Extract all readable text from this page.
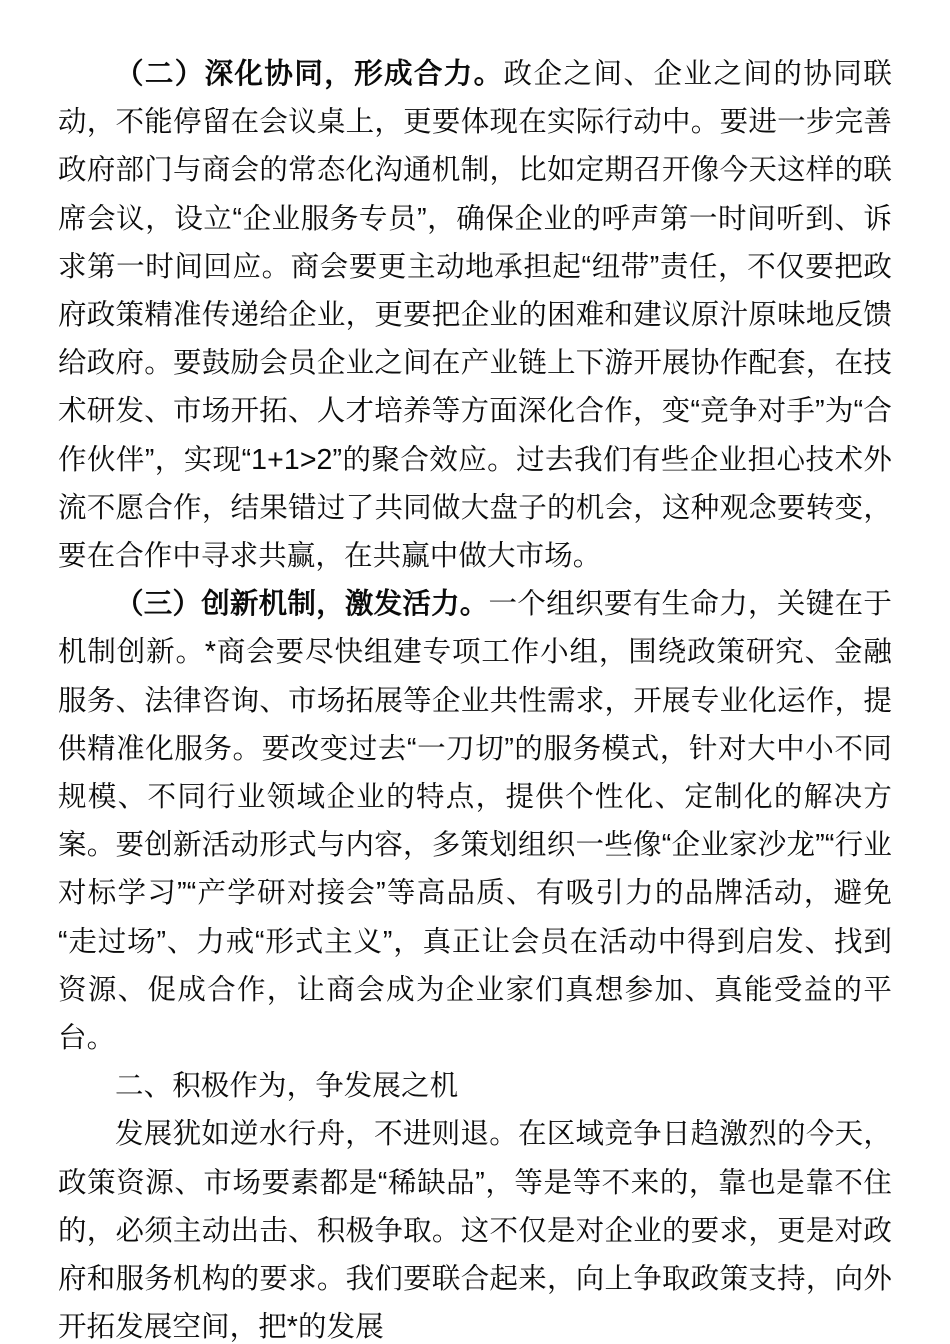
（二）深化协同，形成合力。政企之间、企业之间的协同联动，不能停留在会议桌上，更要体现在实际行动中。要进一步完善政府部门与商会的常态化沟通机制，比如定期召开像今天这样的联席会议，设立“企业服务专员”，确保企业的呼声第一时间听到、诉求第一时间回应。商会要更主动地承担起“纽带”责任，不仅要把政府政策精准传递给企业，更要把企业的困难和建议原汁原味地反馈给政府。要鼓励会员企业之间在产业链上下游开展协作配套，在技术研发、市场开拓、人才培养等方面深化合作，变“竞争对手”为“合作伙伴”，实现“1+1>2”的聚合效应。过去我们有些企业担心技术外流不愿合作，结果错过了共同做大盘子的机会，这种观念要转变，要在合作中寻求共赢，在共赢中做大市场。

（三）创新机制，激发活力。一个组织要有生命力，关键在于机制创新。*商会要尽快组建专项工作小组，围绕政策研究、金融服务、法律咨询、市场拓展等企业共性需求，开展专业化运作，提供精准化服务。要改变过去“一刀切”的服务模式，针对大中小不同规模、不同行业领域企业的特点，提供个性化、定制化的解决方案。要创新活动形式与内容，多策划组织一些像“企业家沙龙”“行业对标学习”“产学研对接会”等高品质、有吸引力的品牌活动，避免“走过场”、力戒“形式主义”，真正让会员在活动中得到启发、找到资源、促成合作，让商会成为企业家们真想参加、真能受益的平台。

二、积极作为，争发展之机

发展犹如逆水行舟，不进则退。在区域竞争日趋激烈的今天，政策资源、市场要素都是“稀缺品”，等是等不来的，靠也是靠不住的，必须主动出击、积极争取。这不仅是对企业的要求，更是对政府和服务机构的要求。我们要联合起来，向上争取政策支持，向外开拓发展空间，把*的发展
